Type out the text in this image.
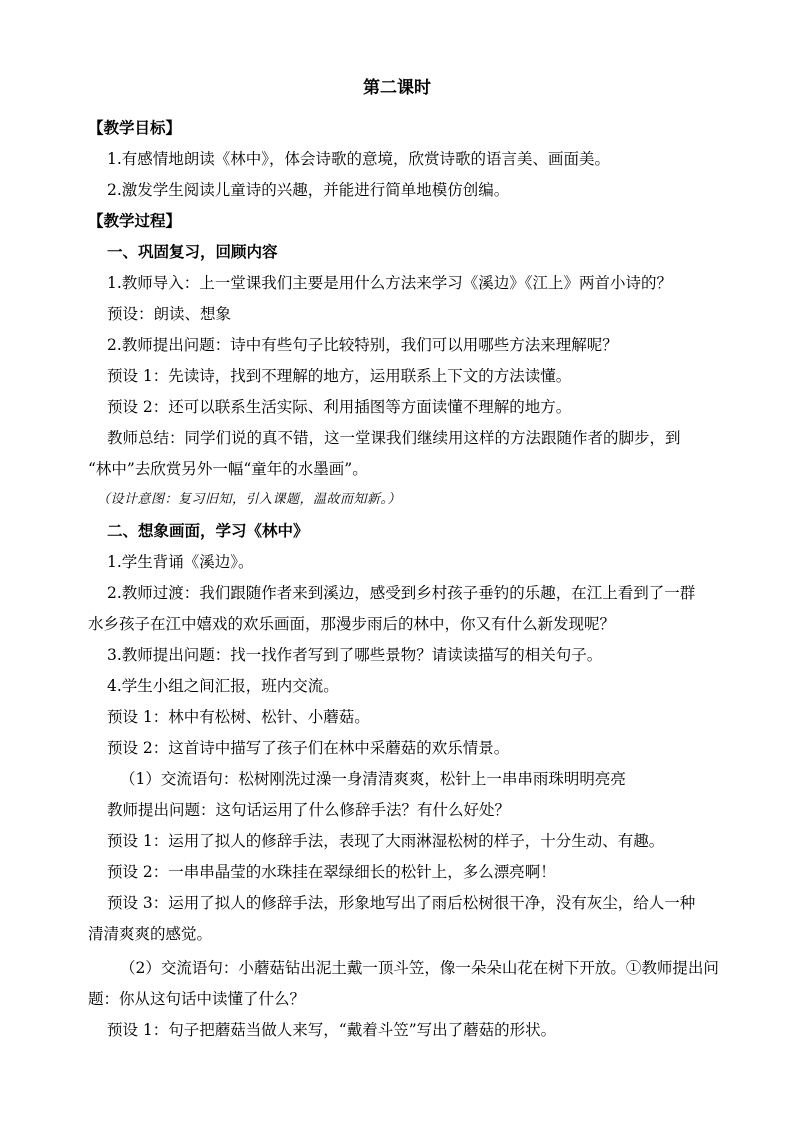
第二课时
【教学目标】
1.有感情地朗读《林中》，体会诗歌的意境，欣赏诗歌的语言美、画面美。
2.激发学生阅读儿童诗的兴趣，并能进行简单地模仿创编。
【教学过程】
一、巩固复习，回顾内容
1.教师导入：上一堂课我们主要是用什么方法来学习《溪边》《江上》两首小诗的？
预设：朗读、想象
2.教师提出问题：诗中有些句子比较特别，我们可以用哪些方法来理解呢？
预设 1：先读诗，找到不理解的地方，运用联系上下文的方法读懂。
预设 2：还可以联系生活实际、利用插图等方面读懂不理解的地方。
教师总结：同学们说的真不错，这一堂课我们继续用这样的方法跟随作者的脚步，到
“林中”去欣赏另外一幅“童年的水墨画”。
（设计意图：复习旧知，引入课题，温故而知新。）
二、想象画面，学习《林中》
1.学生背诵《溪边》。
2.教师过渡：我们跟随作者来到溪边，感受到乡村孩子垂钓的乐趣，在江上看到了一群
水乡孩子在江中嬉戏的欢乐画面，那漫步雨后的林中，你又有什么新发现呢？
3.教师提出问题：找一找作者写到了哪些景物？请读读描写的相关句子。
4.学生小组之间汇报，班内交流。
预设 1：林中有松树、松针、小蘑菇。
预设 2：这首诗中描写了孩子们在林中采蘑菇的欢乐情景。
（1）交流语句：松树刚洗过澡一身清清爽爽，松针上一串串雨珠明明亮亮
教师提出问题：这句话运用了什么修辞手法？有什么好处？
预设 1：运用了拟人的修辞手法，表现了大雨淋湿松树的样子，十分生动、有趣。
预设 2：一串串晶莹的水珠挂在翠绿细长的松针上，多么漂亮啊！
预设 3：运用了拟人的修辞手法，形象地写出了雨后松树很干净，没有灰尘，给人一种
清清爽爽的感觉。
（2）交流语句：小蘑菇钻出泥土戴一顶斗笠，像一朵朵山花在树下开放。①教师提出问
题：你从这句话中读懂了什么？
预设 1：句子把蘑菇当做人来写，“戴着斗笠”写出了蘑菇的形状。
